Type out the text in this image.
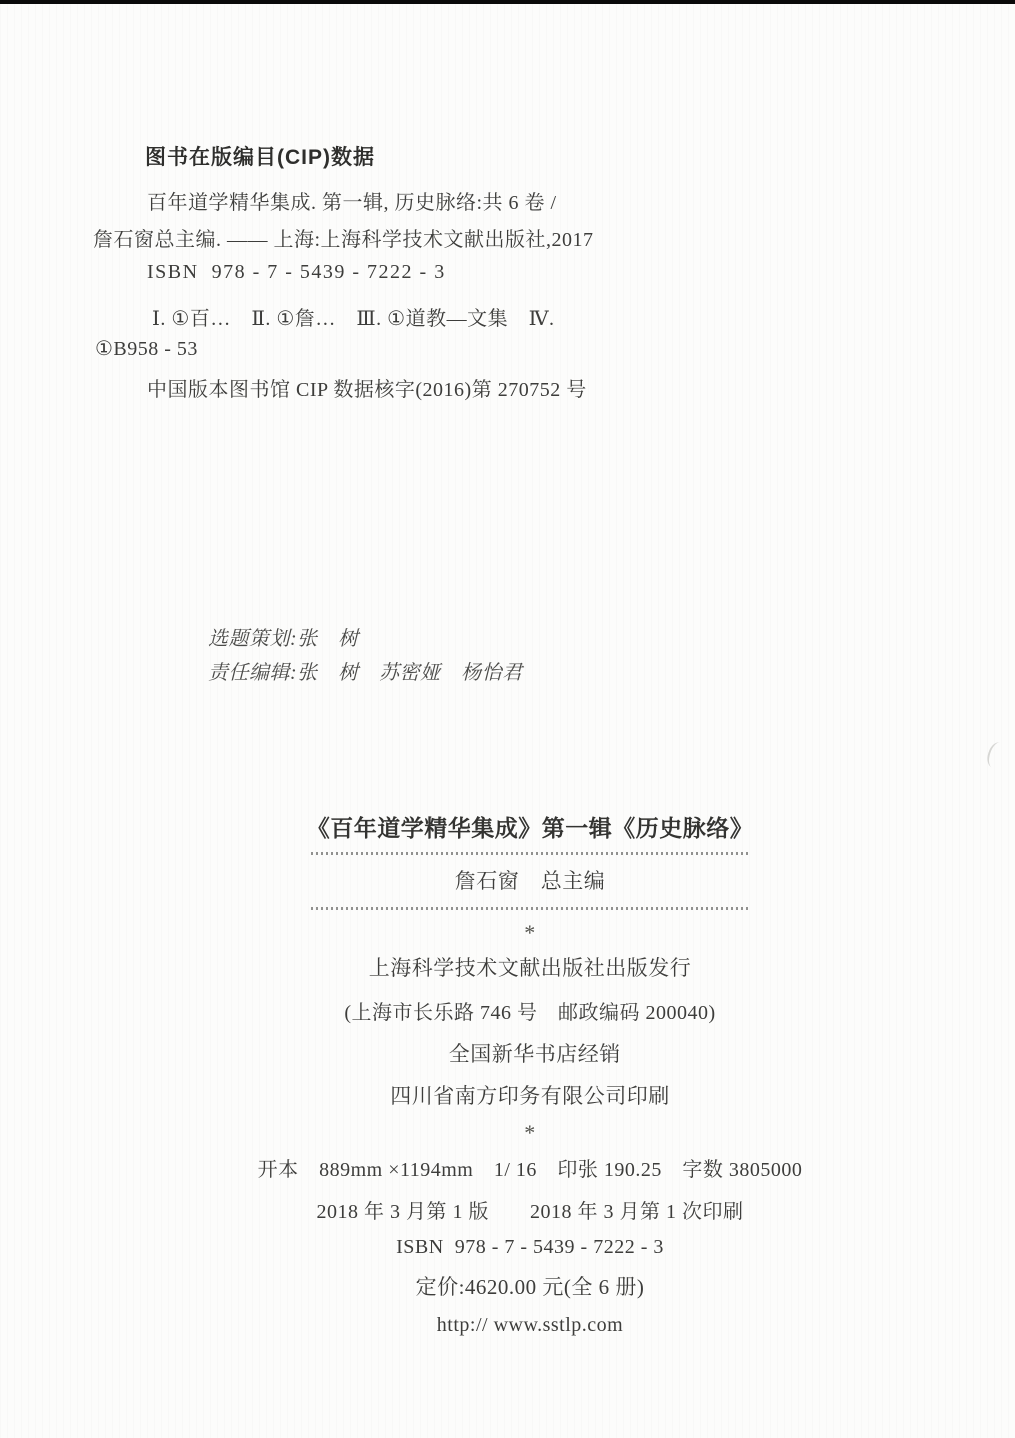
图书在版编目(CIP)数据
百年道学精华集成. 第一辑, 历史脉络:共 6 卷 /
詹石窗总主编. —— 上海:上海科学技术文献出版社,2017
ISBN  978 - 7 - 5439 - 7222 - 3
Ⅰ. ①百…　Ⅱ. ①詹…　Ⅲ. ①道教—文集　Ⅳ.
①B958 - 53
中国版本图书馆 CIP 数据核字(2016)第 270752 号
选题策划:张　树
责任编辑:张　树　苏密娅　杨怡君
《百年道学精华集成》第一辑《历史脉络》
詹石窗　总主编
*
上海科学技术文献出版社出版发行
(上海市长乐路 746 号　邮政编码 200040)
全国新华书店经销
四川省南方印务有限公司印刷
*
开本　889mm ×1194mm　1/ 16　印张 190.25　字数 3805000
2018 年 3 月第 1 版　　2018 年 3 月第 1 次印刷
ISBN  978 - 7 - 5439 - 7222 - 3
定价:4620.00 元(全 6 册)
http:// www.sstlp.com
